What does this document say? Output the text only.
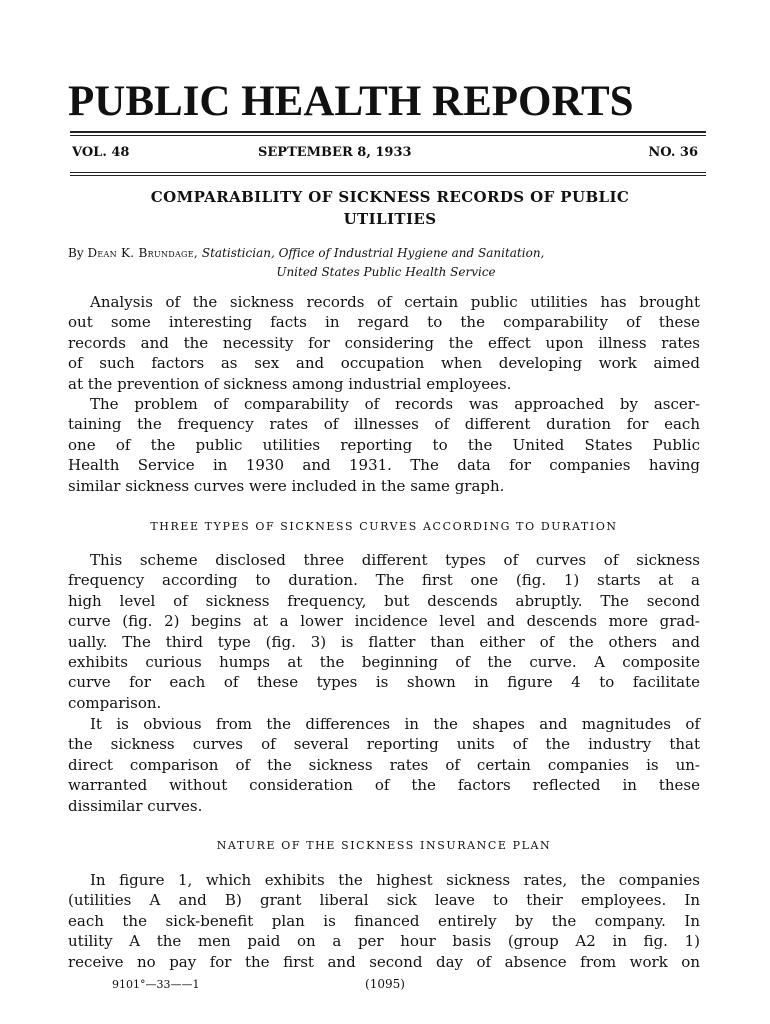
PUBLIC HEALTH REPORTS
VOL. 48	SEPTEMBER 8, 1933	NO. 36
COMPARABILITY OF SICKNESS RECORDS OF PUBLIC
UTILITIES
By Dean K. Brundage, Statistician, Office of Industrial Hygiene and Sanitation,
United States Public Health Service
Analysis of the sickness records of certain public utilities has brought
out some interesting facts in regard to the comparability of these
records and the necessity for considering the effect upon illness rates
of such factors as sex and occupation when developing work aimed
at the prevention of sickness among industrial employees.
The problem of comparability of records was approached by ascer-
taining the frequency rates of illnesses of different duration for each
one of the public utilities reporting to the United States Public
Health Service in 1930 and 1931. The data for companies having
similar sickness curves were included in the same graph.
THREE TYPES OF SICKNESS CURVES ACCORDING TO DURATION
This scheme disclosed three different types of curves of sickness
frequency according to duration. The first one (fig. 1) starts at a
high level of sickness frequency, but descends abruptly. The second
curve (fig. 2) begins at a lower incidence level and descends more grad-
ually. The third type (fig. 3) is flatter than either of the others and
exhibits curious humps at the beginning of the curve. A composite
curve for each of these types is shown in figure 4 to facilitate
comparison.
It is obvious from the differences in the shapes and magnitudes of
the sickness curves of several reporting units of the industry that
direct comparison of the sickness rates of certain companies is un-
warranted without consideration of the factors reflected in these
dissimilar curves.
NATURE OF THE SICKNESS INSURANCE PLAN
In figure 1, which exhibits the highest sickness rates, the companies
(utilities A and B) grant liberal sick leave to their employees. In
each the sick-benefit plan is financed entirely by the company. In
utility A the men paid on a per hour basis (group A2 in fig. 1)
receive no pay for the first and second day of absence from work on
9101°—33——1	(1095)
